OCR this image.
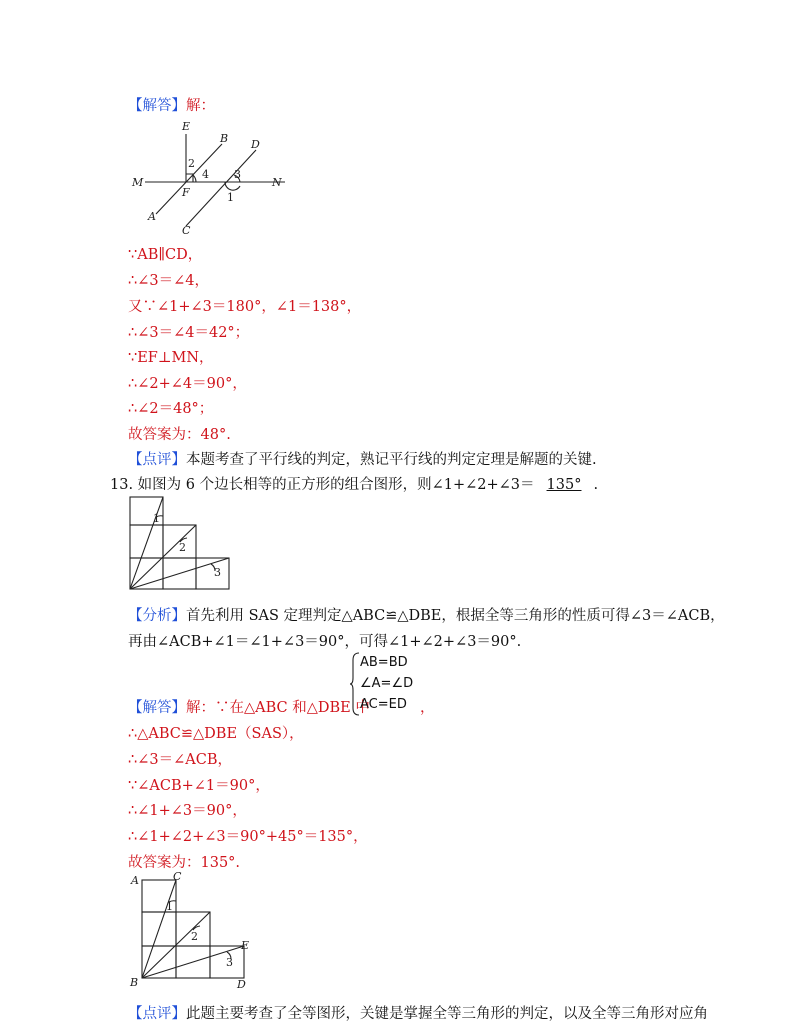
【解答】解：
E
B D
M	N
F
A
C
2
4 3
1
∵AB∥CD，
∴∠3＝∠4，
又∵∠1+∠3＝180°，∠1＝138°，
∴∠3＝∠4＝42°；
∵EF⊥MN，
∴∠2+∠4＝90°，
∴∠2＝48°；
故答案为：48°.
【点评】本题考查了平行线的判定，熟记平行线的判定定理是解题的关键.
13. 如图为 6 个边长相等的正方形的组合图形，则∠1+∠2+∠3＝ 135° .
1
2
3
【分析】首先利用 SAS 定理判定△ABC≌△DBE，根据全等三角形的性质可得∠3＝∠ACB，
再由∠ACB+∠1＝∠1+∠3＝90°，可得∠1+∠2+∠3＝90°.
【解答】解：∵在△ABC 和△DBE 中
AB=BD
∠A=∠D
AC=ED ，
∴△ABC≌△DBE（SAS），
∴∠3＝∠ACB，
∵∠ACB+∠1＝90°，
∴∠1+∠3＝90°，
∴∠1+∠2+∠3＝90°+45°＝135°，
故答案为：135°.
A	C
B
E
D
1
2
3
【点评】此题主要考查了全等图形，关键是掌握全等三角形的判定，以及全等三角形对应角
